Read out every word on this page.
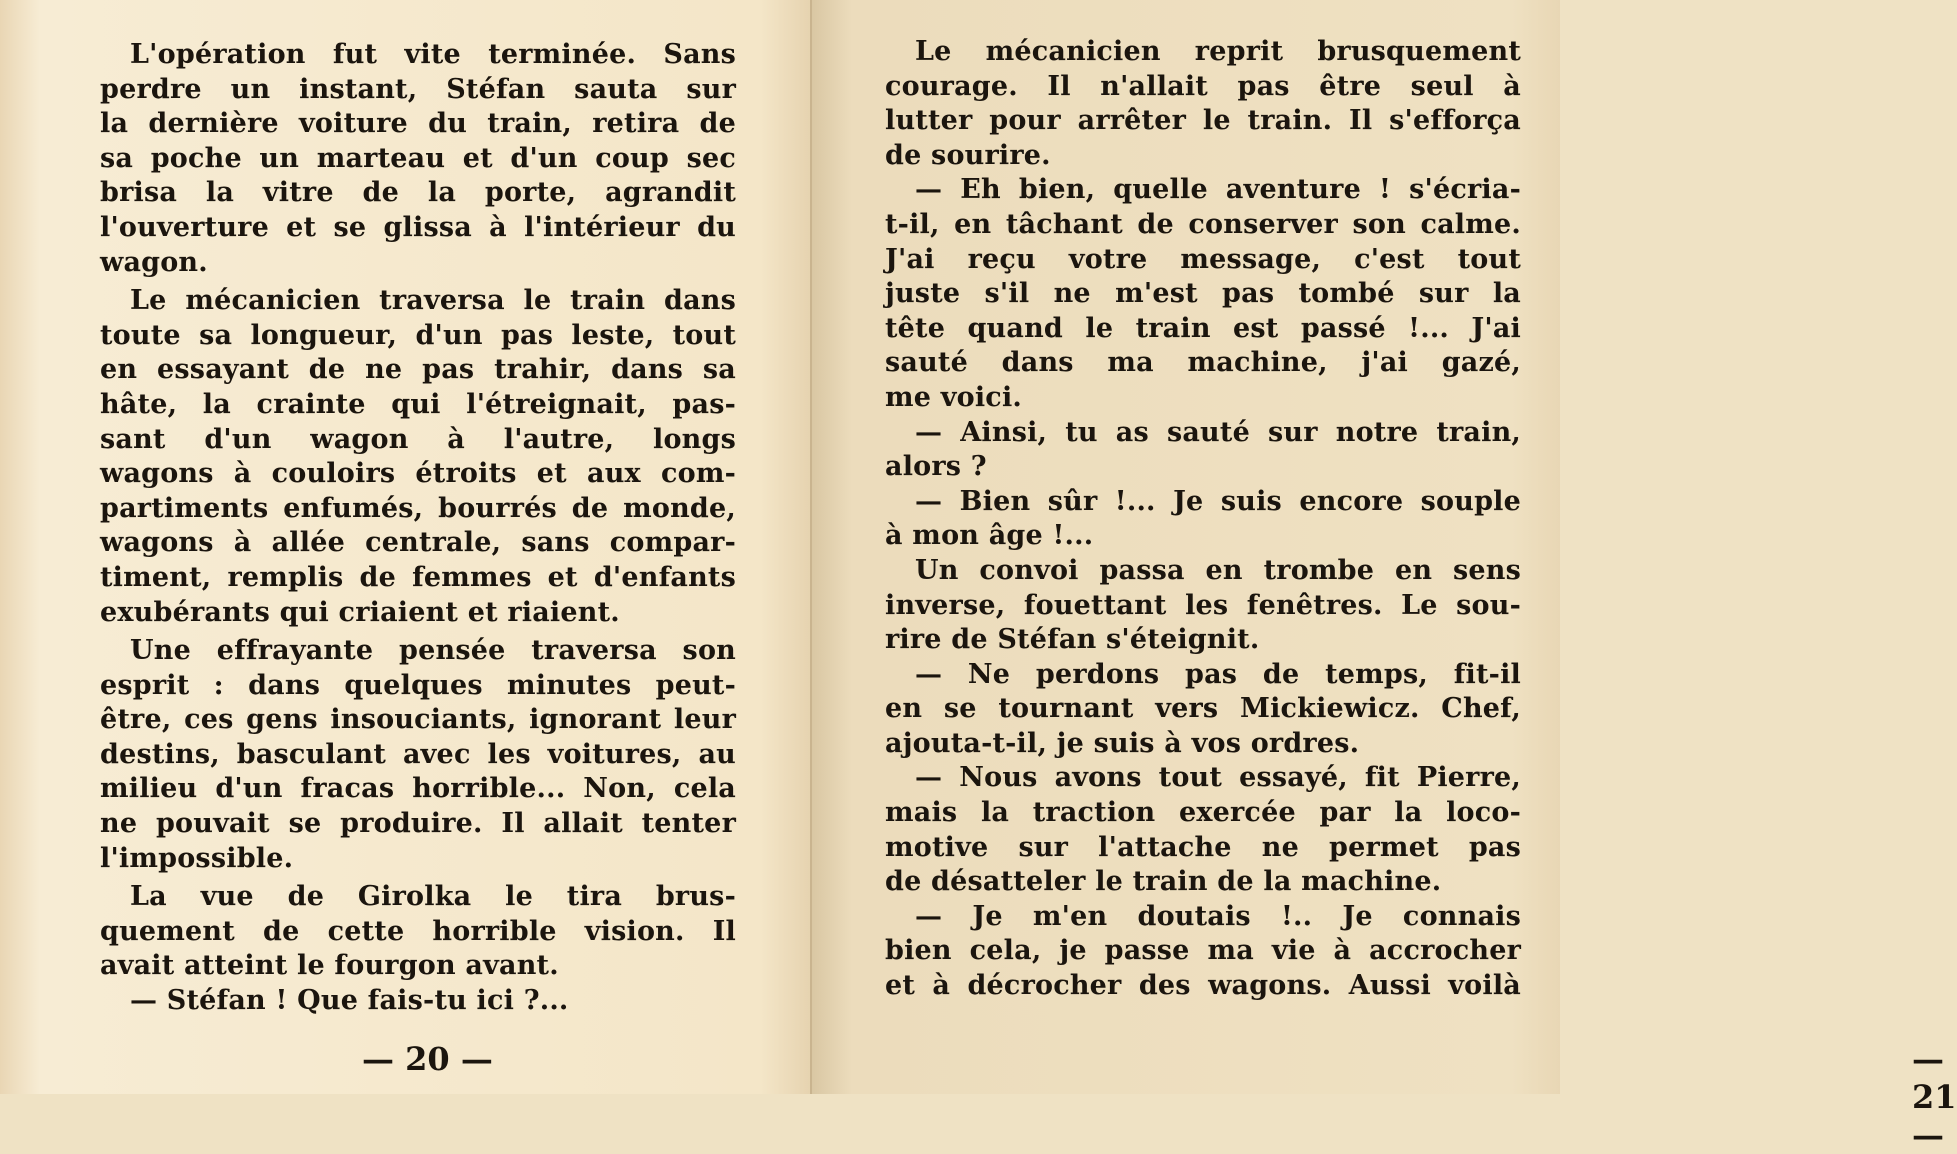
L'opération fut vite terminée. Sans
perdre un instant, Stéfan sauta sur
la dernière voiture du train, retira de
sa poche un marteau et d'un coup sec
brisa la vitre de la porte, agrandit
l'ouverture et se glissa à l'intérieur du
wagon.
Le mécanicien traversa le train dans
toute sa longueur, d'un pas leste, tout
en essayant de ne pas trahir, dans sa
hâte, la crainte qui l'étreignait, pas-
sant d'un wagon à l'autre, longs
wagons à couloirs étroits et aux com-
partiments enfumés, bourrés de monde,
wagons à allée centrale, sans compar-
timent, remplis de femmes et d'enfants
exubérants qui criaient et riaient.
Une effrayante pensée traversa son
esprit : dans quelques minutes peut-
être, ces gens insouciants, ignorant leur
destins, basculant avec les voitures, au
milieu d'un fracas horrible... Non, cela
ne pouvait se produire. Il allait tenter
l'impossible.
La vue de Girolka le tira brus-
quement de cette horrible vision. Il
avait atteint le fourgon avant.
— Stéfan ! Que fais-tu ici ?...
— 20 —	— 21 —
Le mécanicien reprit brusquement
courage. Il n'allait pas être seul à
lutter pour arrêter le train. Il s'efforça
de sourire.
— Eh bien, quelle aventure ! s'écria-
t-il, en tâchant de conserver son calme.
J'ai reçu votre message, c'est tout
juste s'il ne m'est pas tombé sur la
tête quand le train est passé !... J'ai
sauté dans ma machine, j'ai gazé,
me voici.
— Ainsi, tu as sauté sur notre train,
alors ?
— Bien sûr !... Je suis encore souple
à mon âge !...
Un convoi passa en trombe en sens
inverse, fouettant les fenêtres. Le sou-
rire de Stéfan s'éteignit.
— Ne perdons pas de temps, fit-il
en se tournant vers Mickiewicz. Chef,
ajouta-t-il, je suis à vos ordres.
— Nous avons tout essayé, fit Pierre,
mais la traction exercée par la loco-
motive sur l'attache ne permet pas
de désatteler le train de la machine.
— Je m'en doutais !.. Je connais
bien cela, je passe ma vie à accrocher
et à décrocher des wagons. Aussi voilà
